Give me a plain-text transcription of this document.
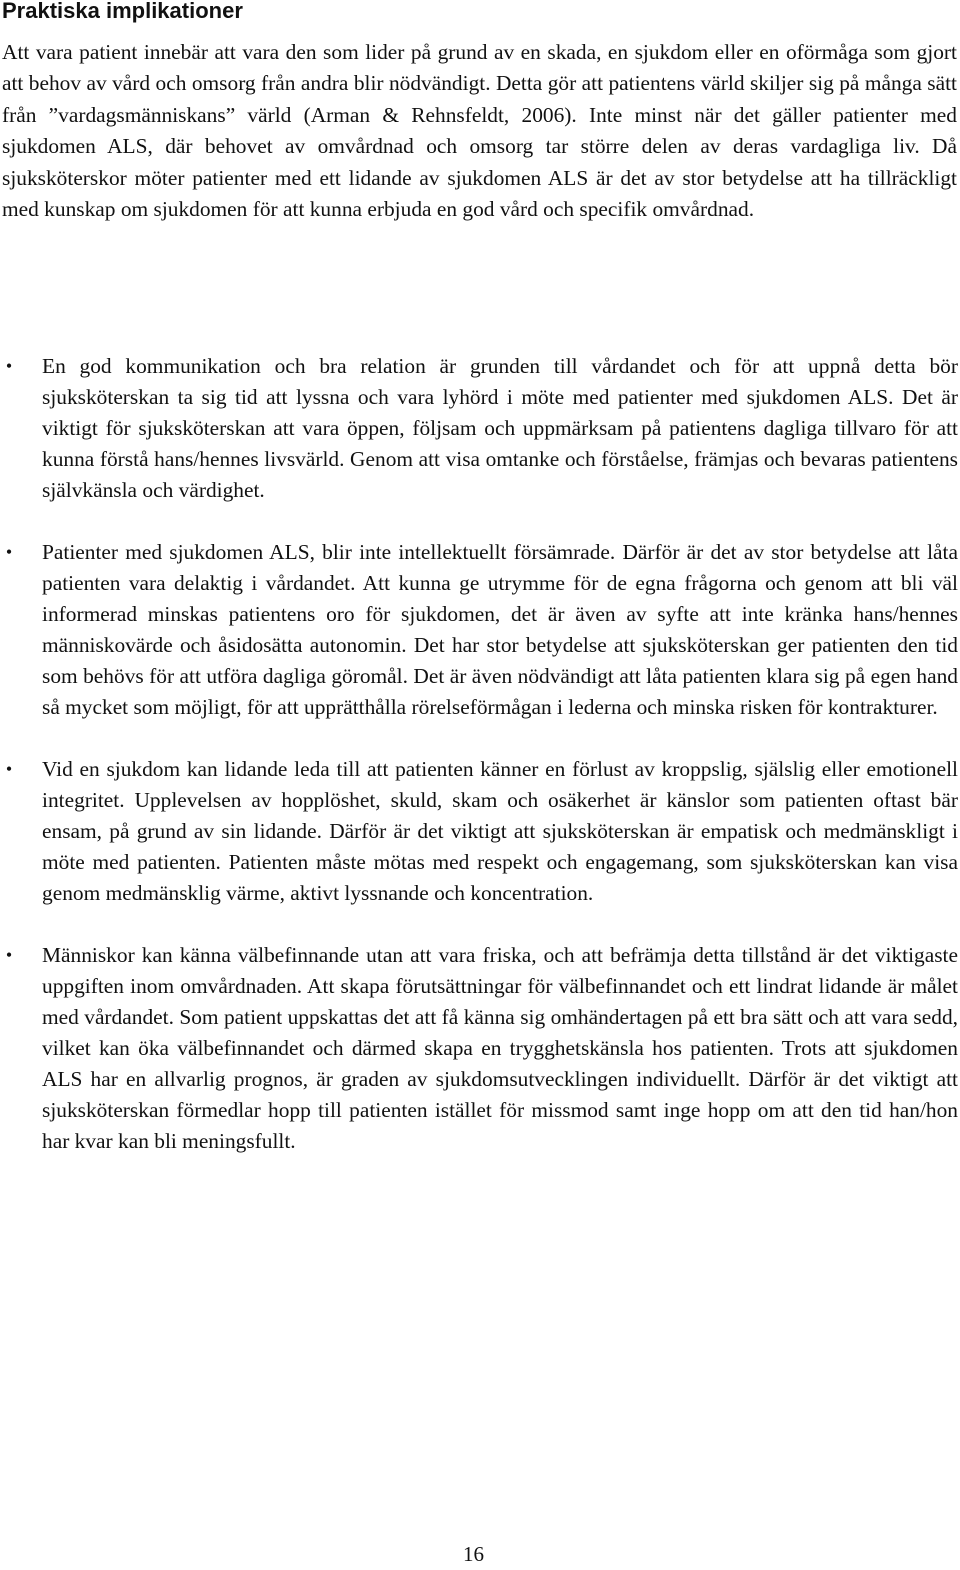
Praktiska implikationer

Att vara patient innebär att vara den som lider på grund av en skada, en sjukdom eller en oförmåga som gjort att behov av vård och omsorg från andra blir nödvändigt. Detta gör att patientens värld skiljer sig på många sätt från ”vardagsmänniskans” värld (Arman & Rehnsfeldt, 2006). Inte minst när det gäller patienter med sjukdomen ALS, där behovet av omvårdnad och omsorg tar större delen av deras vardagliga liv. Då sjuksköterskor möter patienter med ett lidande av sjukdomen ALS är det av stor betydelse att ha tillräckligt med kunskap om sjukdomen för att kunna erbjuda en god vård och specifik omvårdnad.

• En god kommunikation och bra relation är grunden till vårdandet och för att uppnå detta bör sjuksköterskan ta sig tid att lyssna och vara lyhörd i möte med patienter med sjukdomen ALS. Det är viktigt för sjuksköterskan att vara öppen, följsam och uppmärksam på patientens dagliga tillvaro för att kunna förstå hans/hennes livsvärld. Genom att visa omtanke och förståelse, främjas och bevaras patientens självkänsla och värdighet.
• Patienter med sjukdomen ALS, blir inte intellektuellt försämrade. Därför är det av stor betydelse att låta patienten vara delaktig i vårdandet. Att kunna ge utrymme för de egna frågorna och genom att bli väl informerad minskas patientens oro för sjukdomen, det är även av syfte att inte kränka hans/hennes människovärde och åsidosätta autonomin. Det har stor betydelse att sjuksköterskan ger patienten den tid som behövs för att utföra dagliga göromål. Det är även nödvändigt att låta patienten klara sig på egen hand så mycket som möjligt, för att upprätthålla rörelseförmågan i lederna och minska risken för kontrakturer.
• Vid en sjukdom kan lidande leda till att patienten känner en förlust av kroppslig, själslig eller emotionell integritet. Upplevelsen av hopplöshet, skuld, skam och osäkerhet är känslor som patienten oftast bär ensam, på grund av sin lidande. Därför är det viktigt att sjuksköterskan är empatisk och medmänskligt i möte med patienten. Patienten måste mötas med respekt och engagemang, som sjuksköterskan kan visa genom medmänsklig värme, aktivt lyssnande och koncentration.
• Människor kan känna välbefinnande utan att vara friska, och att befrämja detta tillstånd är det viktigaste uppgiften inom omvårdnaden. Att skapa förutsättningar för välbefinnandet och ett lindrat lidande är målet med vårdandet. Som patient uppskattas det att få känna sig omhändertagen på ett bra sätt och att vara sedd, vilket kan öka välbefinnandet och därmed skapa en trygghetskänsla hos patienten. Trots att sjukdomen ALS har en allvarlig prognos, är graden av sjukdomsutvecklingen individuellt. Därför är det viktigt att sjuksköterskan förmedlar hopp till patienten istället för missmod samt inge hopp om att den tid han/hon har kvar kan bli meningsfullt.

16
